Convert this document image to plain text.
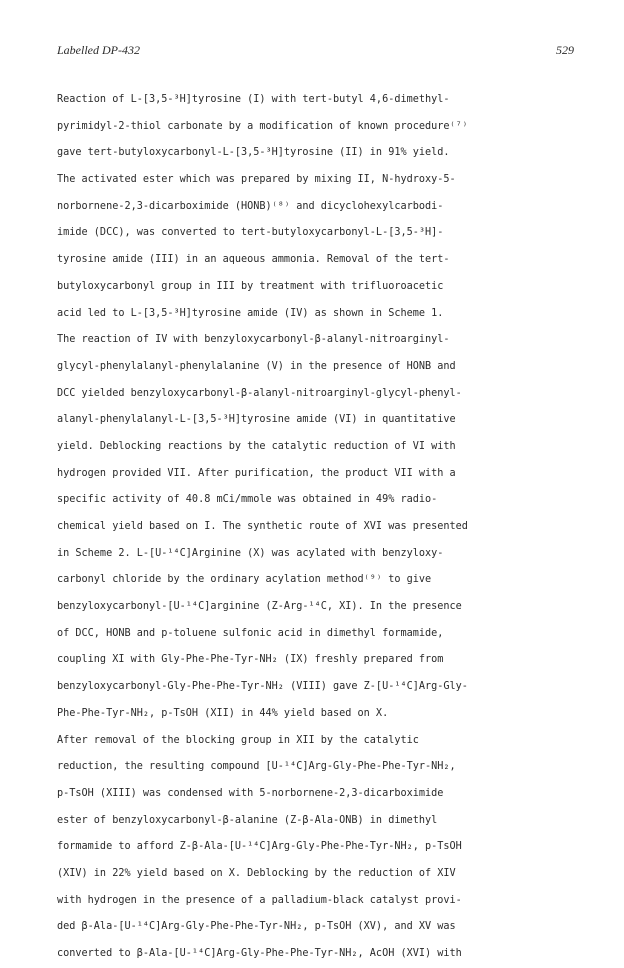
Labelled DP-432	529
Reaction of L-[3,5-³H]tyrosine (I) with tert-butyl 4,6-dimethyl-
pyrimidyl-2-thiol carbonate by a modification of known procedure⁽⁷⁾
gave tert-butyloxycarbonyl-L-[3,5-³H]tyrosine (II) in 91% yield.
The activated ester which was prepared by mixing II, N-hydroxy-5-
norbornene-2,3-dicarboximide (HONB)⁽⁸⁾ and dicyclohexylcarbodi-
imide (DCC), was converted to tert-butyloxycarbonyl-L-[3,5-³H]-
tyrosine amide (III) in an aqueous ammonia. Removal of the tert-
butyloxycarbonyl group in III by treatment with trifluoroacetic
acid led to L-[3,5-³H]tyrosine amide (IV) as shown in Scheme 1.
The reaction of IV with benzyloxycarbonyl-β-alanyl-nitroarginyl-
glycyl-phenylalanyl-phenylalanine (V) in the presence of HONB and
DCC yielded benzyloxycarbonyl-β-alanyl-nitroarginyl-glycyl-phenyl-
alanyl-phenylalanyl-L-[3,5-³H]tyrosine amide (VI) in quantitative
yield. Deblocking reactions by the catalytic reduction of VI with
hydrogen provided VII. After purification, the product VII with a
specific activity of 40.8 mCi/mmole was obtained in 49% radio-
chemical yield based on I. The synthetic route of XVI was presented
in Scheme 2. L-[U-¹⁴C]Arginine (X) was acylated with benzyloxy-
carbonyl chloride by the ordinary acylation method⁽⁹⁾ to give
benzyloxycarbonyl-[U-¹⁴C]arginine (Z-Arg-¹⁴C, XI). In the presence
of DCC, HONB and p-toluene sulfonic acid in dimethyl formamide,
coupling XI with Gly-Phe-Phe-Tyr-NH₂ (IX) freshly prepared from
benzyloxycarbonyl-Gly-Phe-Phe-Tyr-NH₂ (VIII) gave Z-[U-¹⁴C]Arg-Gly-
Phe-Phe-Tyr-NH₂, p-TsOH (XII) in 44% yield based on X.
After removal of the blocking group in XII by the catalytic
reduction, the resulting compound [U-¹⁴C]Arg-Gly-Phe-Phe-Tyr-NH₂,
p-TsOH (XIII) was condensed with 5-norbornene-2,3-dicarboximide
ester of benzyloxycarbonyl-β-alanine (Z-β-Ala-ONB) in dimethyl
formamide to afford Z-β-Ala-[U-¹⁴C]Arg-Gly-Phe-Phe-Tyr-NH₂, p-TsOH
(XIV) in 22% yield based on X. Deblocking by the reduction of XIV
with hydrogen in the presence of a palladium-black catalyst provi-
ded β-Ala-[U-¹⁴C]Arg-Gly-Phe-Phe-Tyr-NH₂, p-TsOH (XV), and XV was
converted to β-Ala-[U-¹⁴C]Arg-Gly-Phe-Phe-Tyr-NH₂, AcOH (XVI) with
